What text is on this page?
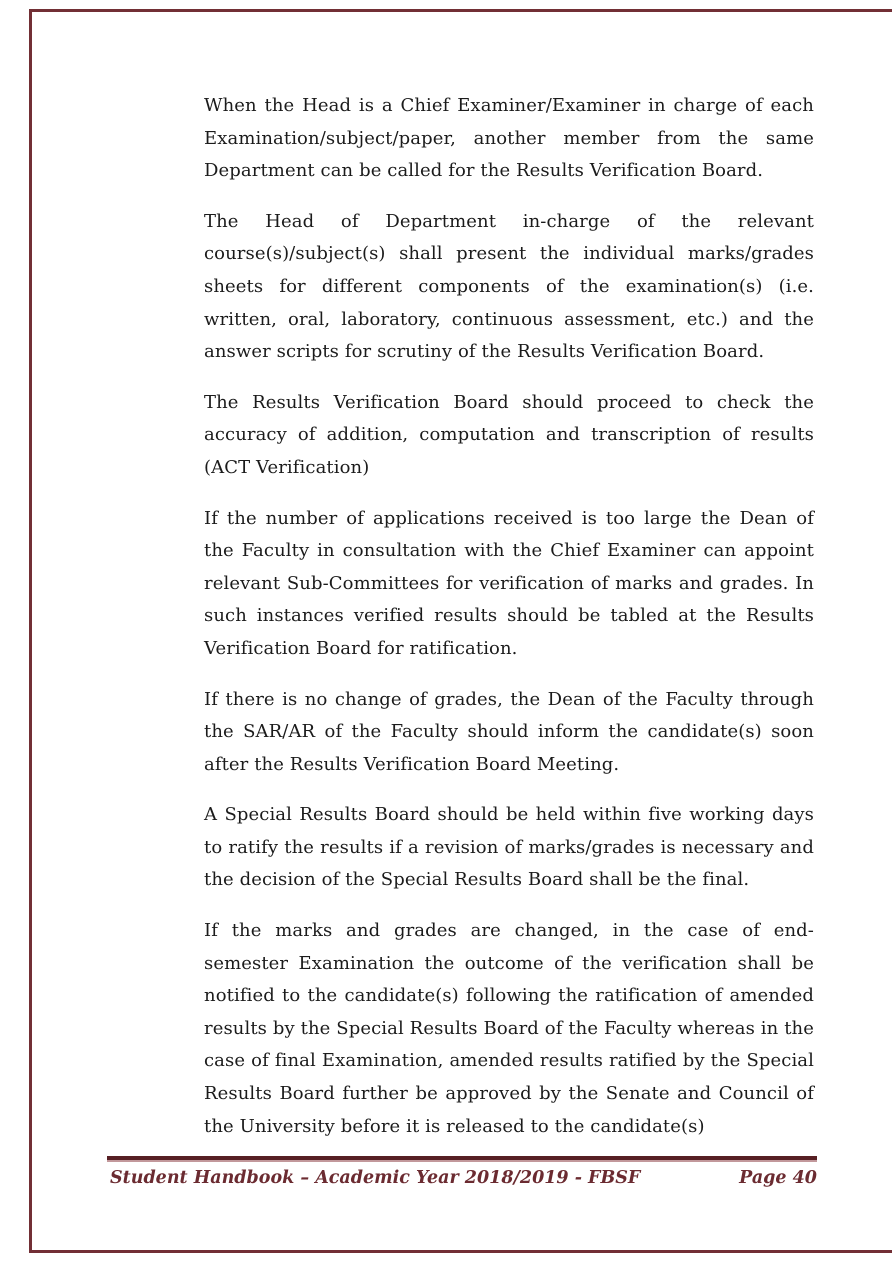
When the Head is a Chief Examiner/Examiner in charge of each Examination/subject/paper, another member from the same Department can be called for the Results Verification Board.

The Head of Department in-charge of the relevant course(s)/subject(s) shall present the individual marks/grades sheets for different components of the examination(s) (i.e. written, oral, laboratory, continuous assessment, etc.) and the answer scripts for scrutiny of the Results Verification Board.

The Results Verification Board should proceed to check the accuracy of addition, computation and transcription of results (ACT Verification)

If the number of applications received is too large the Dean of the Faculty in consultation with the Chief Examiner can appoint relevant Sub-Committees for verification of marks and grades. In such instances verified results should be tabled at the Results Verification Board for ratification.

If there is no change of grades, the Dean of the Faculty through the SAR/AR of the Faculty should inform the candidate(s) soon after the Results Verification Board Meeting.

A Special Results Board should be held within five working days to ratify the results if a revision of marks/grades is necessary and the decision of the Special Results Board shall be the final.

If the marks and grades are changed, in the case of end- semester Examination the outcome of the verification shall be notified to the candidate(s) following the ratification of amended results by the Special Results Board of the Faculty whereas in the case of final Examination, amended results ratified by the Special Results Board further be approved by the Senate and Council of the University before it is released to the candidate(s)

Student Handbook – Academic Year 2018/2019 - FBSF	Page 40
